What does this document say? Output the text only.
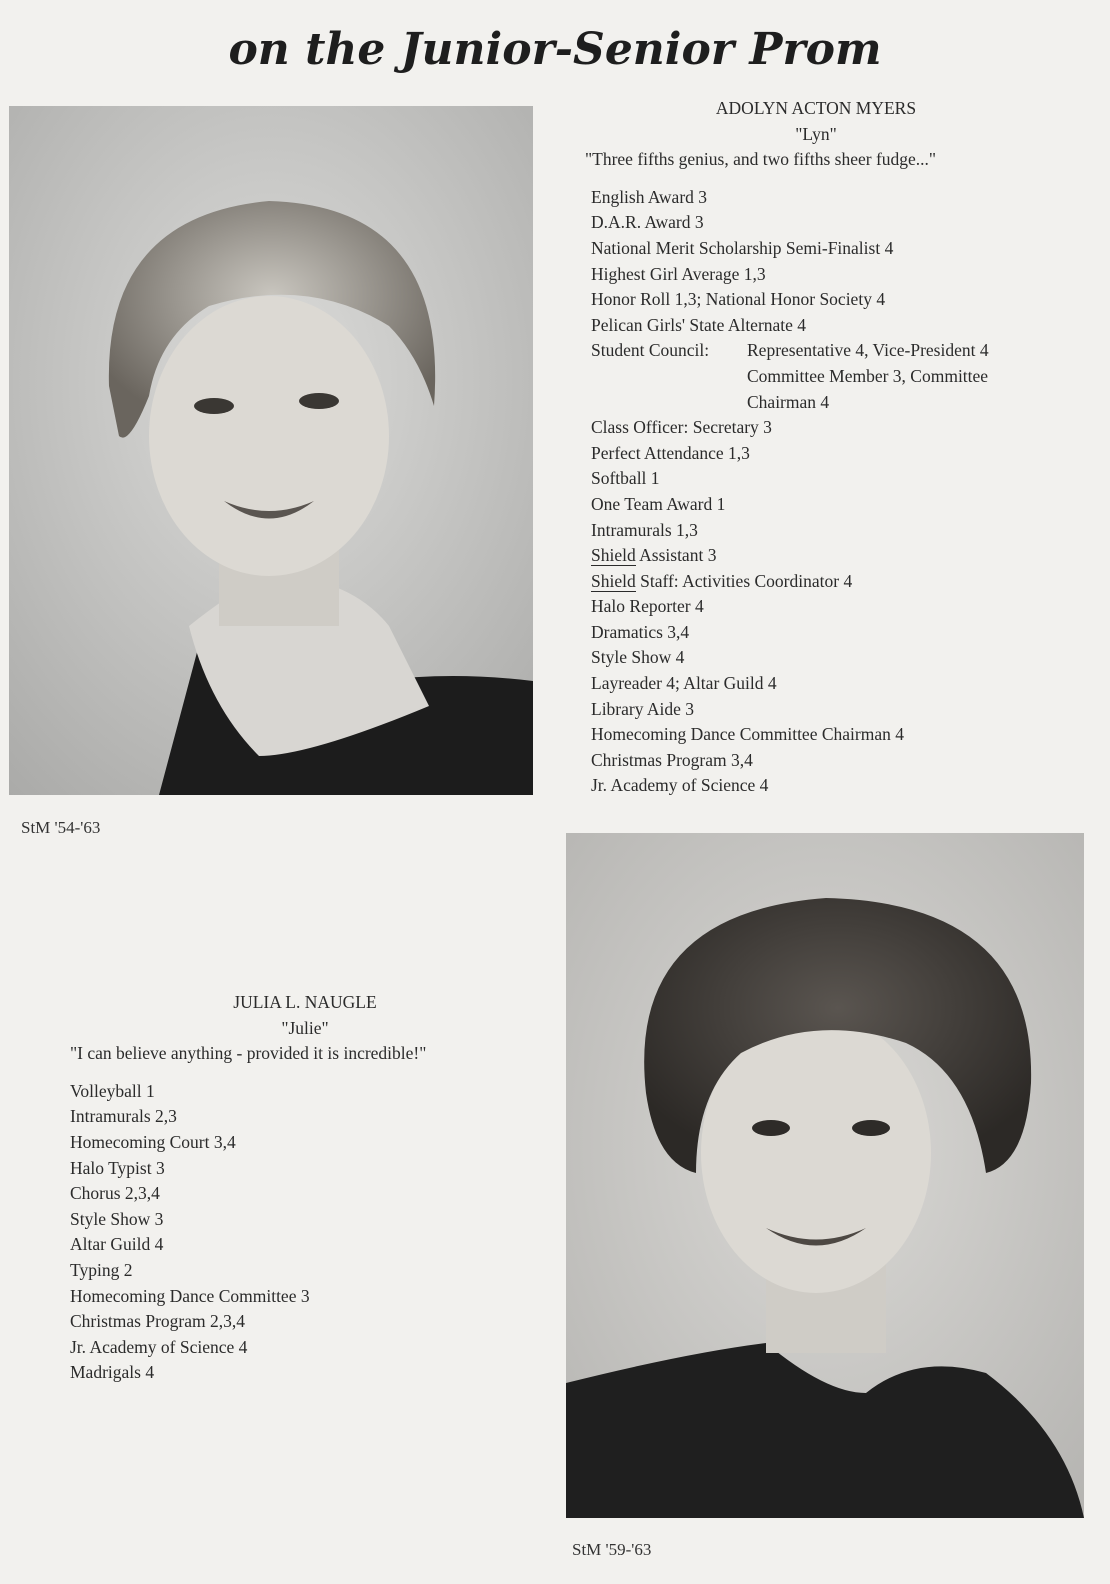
on the Junior-Senior Prom

StM '54-'63

ADOLYN ACTON MYERS
"Lyn"
"Three fifths genius, and two fifths sheer fudge..."
English Award 3
D.A.R. Award 3
National Merit Scholarship Semi-Finalist 4
Highest Girl Average 1,3
Honor Roll 1,3; National Honor Society 4
Pelican Girls' State Alternate 4
Student Council: Representative 4, Vice-President 4
Committee Member 3, Committee
Chairman 4
Class Officer: Secretary 3
Perfect Attendance 1,3
Softball 1
One Team Award 1
Intramurals 1,3
Shield Assistant 3
Shield Staff: Activities Coordinator 4
Halo Reporter 4
Dramatics 3,4
Style Show 4
Layreader 4; Altar Guild 4
Library Aide 3
Homecoming Dance Committee Chairman 4
Christmas Program 3,4
Jr. Academy of Science 4

StM '59-'63

JULIA L. NAUGLE
"Julie"
"I can believe anything - provided it is incredible!"
Volleyball 1
Intramurals 2,3
Homecoming Court 3,4
Halo Typist 3
Chorus 2,3,4
Style Show 3
Altar Guild 4
Typing 2
Homecoming Dance Committee 3
Christmas Program 2,3,4
Jr. Academy of Science 4
Madrigals 4
